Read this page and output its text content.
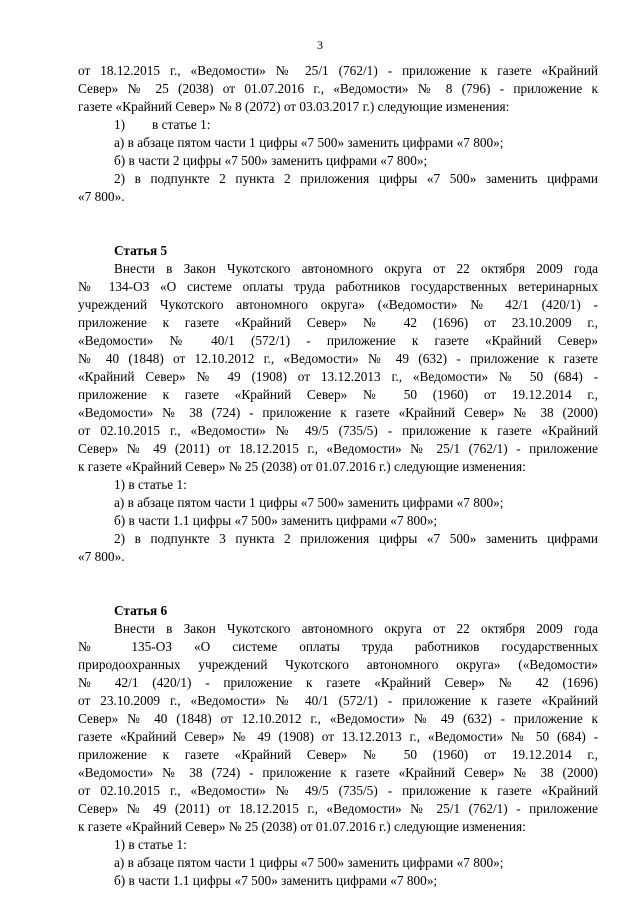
3

от 18.12.2015 г., «Ведомости» № 25/1 (762/1) - приложение к газете «Крайний

Север» № 25 (2038) от 01.07.2016 г., «Ведомости» № 8 (796) - приложение к

газете «Крайний Север» № 8 (2072) от 03.03.2017 г.) следующие изменения:

1) в статье 1:

а) в абзаце пятом части 1 цифры «7 500» заменить цифрами «7 800»;

б) в части 2 цифры «7 500» заменить цифрами «7 800»;

2) в подпункте 2 пункта 2 приложения цифры «7 500» заменить цифрами

«7 800».

Статья 5

Внести в Закон Чукотского автономного округа от 22 октября 2009 года

№ 134-ОЗ «О системе оплаты труда работников государственных ветеринарных

учреждений Чукотского автономного округа» («Ведомости» № 42/1 (420/1) -

приложение к газете «Крайний Север» № 42 (1696) от 23.10.2009 г.,

«Ведомости» № 40/1 (572/1) - приложение к газете «Крайний Север»

№ 40 (1848) от 12.10.2012 г., «Ведомости» № 49 (632) - приложение к газете

«Крайний Север» № 49 (1908) от 13.12.2013 г., «Ведомости» № 50 (684) -

приложение к газете «Крайний Север» № 50 (1960) от 19.12.2014 г.,

«Ведомости» № 38 (724) - приложение к газете «Крайний Север» № 38 (2000)

от 02.10.2015 г., «Ведомости» № 49/5 (735/5) - приложение к газете «Крайний

Север» № 49 (2011) от 18.12.2015 г., «Ведомости» № 25/1 (762/1) - приложение

к газете «Крайний Север» № 25 (2038) от 01.07.2016 г.) следующие изменения:

1) в статье 1:

а) в абзаце пятом части 1 цифры «7 500» заменить цифрами «7 800»;

б) в части 1.1 цифры «7 500» заменить цифрами «7 800»;

2) в подпункте 3 пункта 2 приложения цифры «7 500» заменить цифрами

«7 800».

Статья 6

Внести в Закон Чукотского автономного округа от 22 октября 2009 года

№ 135-ОЗ «О системе оплаты труда работников государственных

природоохранных учреждений Чукотского автономного округа» («Ведомости»

№ 42/1 (420/1) - приложение к газете «Крайний Север» № 42 (1696)

от 23.10.2009 г., «Ведомости» № 40/1 (572/1) - приложение к газете «Крайний

Север» № 40 (1848) от 12.10.2012 г., «Ведомости» № 49 (632) - приложение к

газете «Крайний Север» № 49 (1908) от 13.12.2013 г., «Ведомости» № 50 (684) -

приложение к газете «Крайний Север» № 50 (1960) от 19.12.2014 г.,

«Ведомости» № 38 (724) - приложение к газете «Крайний Север» № 38 (2000)

от 02.10.2015 г., «Ведомости» № 49/5 (735/5) - приложение к газете «Крайний

Север» № 49 (2011) от 18.12.2015 г., «Ведомости» № 25/1 (762/1) - приложение

к газете «Крайний Север» № 25 (2038) от 01.07.2016 г.) следующие изменения:

1) в статье 1:

а) в абзаце пятом части 1 цифры «7 500» заменить цифрами «7 800»;

б) в части 1.1 цифры «7 500» заменить цифрами «7 800»;
